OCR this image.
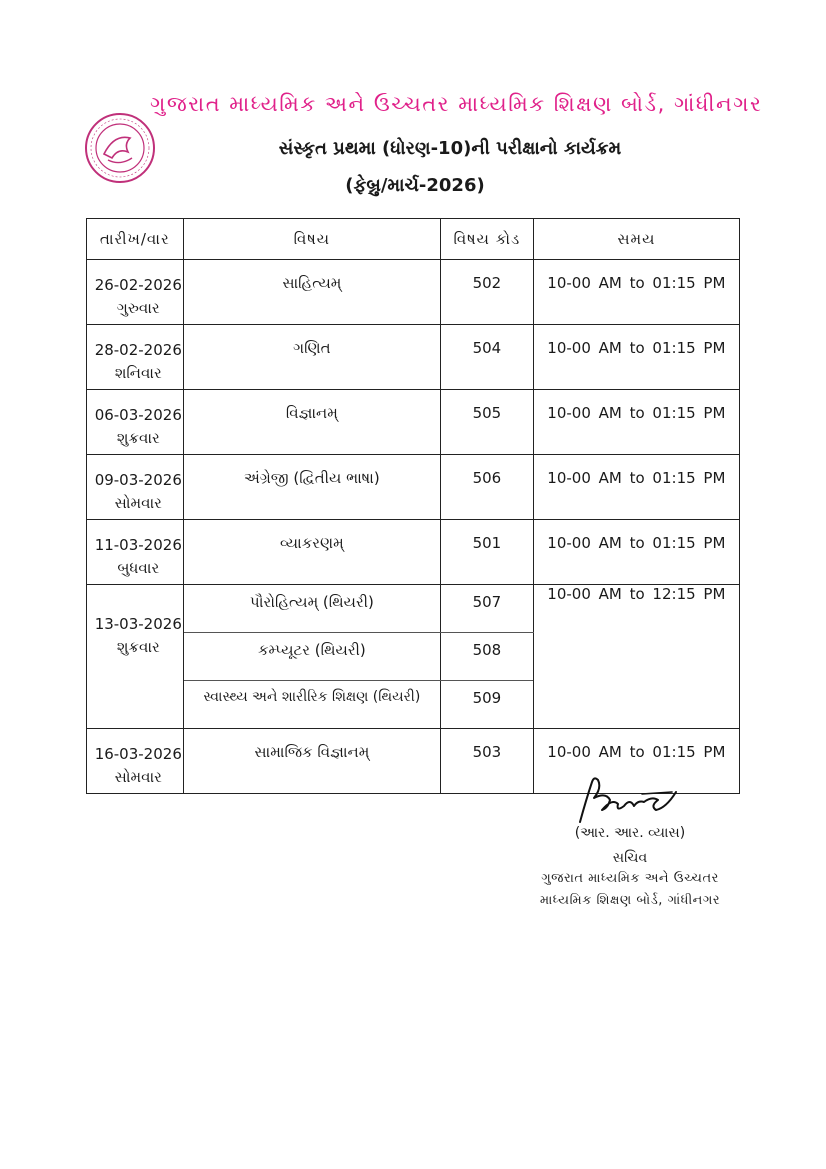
ગુજરાત માધ્યમિક અને ઉચ્ચતર માધ્યમિક શિક્ષણ બોર્ડ, ગાંધીનગર
સંસ્કૃત પ્રથમા (ધોરણ-10)ની પરીક્ષાનો કાર્યક્રમ
(ફેબ્રુ/માર્ચ-2026)
તારીખ/વાર	વિષય	વિષય કોડ	સમય

26-02-2026
ગુરુવાર	સાહિત્યમ્	502	10-00 AM to 01:15 PM

28-02-2026
શનિવાર	ગણિત	504	10-00 AM to 01:15 PM

06-03-2026
શુક્રવાર	વિજ્ઞાનમ્	505	10-00 AM to 01:15 PM

09-03-2026
સોમવાર	અંગ્રેજી (દ્વિતીય ભાષા)	506	10-00 AM to 01:15 PM

11-03-2026
બુધવાર	વ્યાકરણમ્	501	10-00 AM to 01:15 PM

13-03-2026
શુક્રવાર	પૌરોહિત્યમ્ (થિયરી)	507	10-00 AM to 12:15 PM
	કમ્પ્યૂટર (થિયરી)	508	
	સ્વાસ્થ્ય અને શારીરિક શિક્ષણ (થિયરી)	509	

16-03-2026
સોમવાર	સામાજિક વિજ્ઞાનમ્	503	10-00 AM to 01:15 PM
(આર. આર. વ્યાસ)
સચિવ
ગુજરાત માધ્યમિક અને ઉચ્ચતર
માધ્યમિક શિક્ષણ બોર્ડ, ગાંધીનગર
